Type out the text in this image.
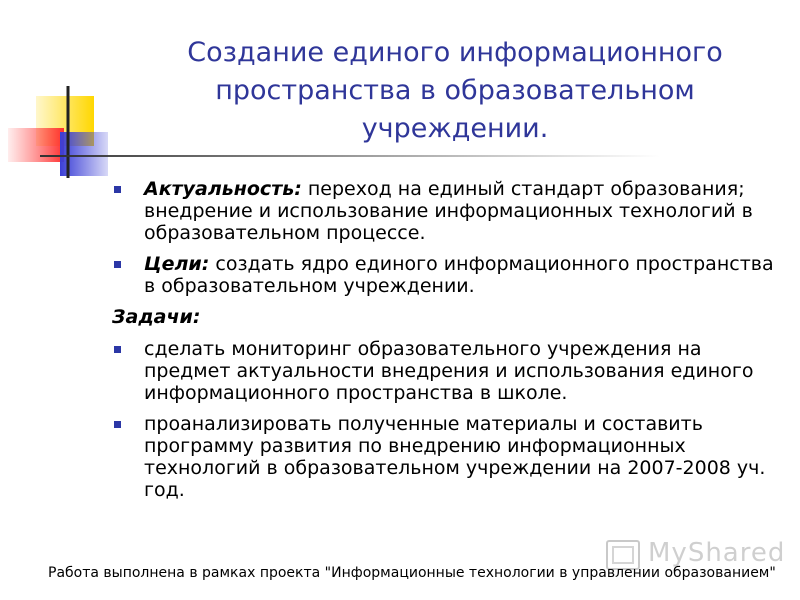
Создание единого информационного
пространства в образовательном
учреждении.
Актуальность: переход на единый стандарт образования; внедрение и использование информационных технологий в образовательном процессе.
Цели: создать ядро единого информационного пространства в образовательном учреждении.
Задачи:
сделать мониторинг образовательного учреждения на предмет актуальности внедрения и использования единого информационного пространства в школе.
проанализировать полученные материалы и составить программу развития по внедрению информационных технологий в образовательном учреждении на 2007-2008 уч. год.
MyShared
Работа выполнена в рамках проекта "Информационные технологии в управлении образованием"
